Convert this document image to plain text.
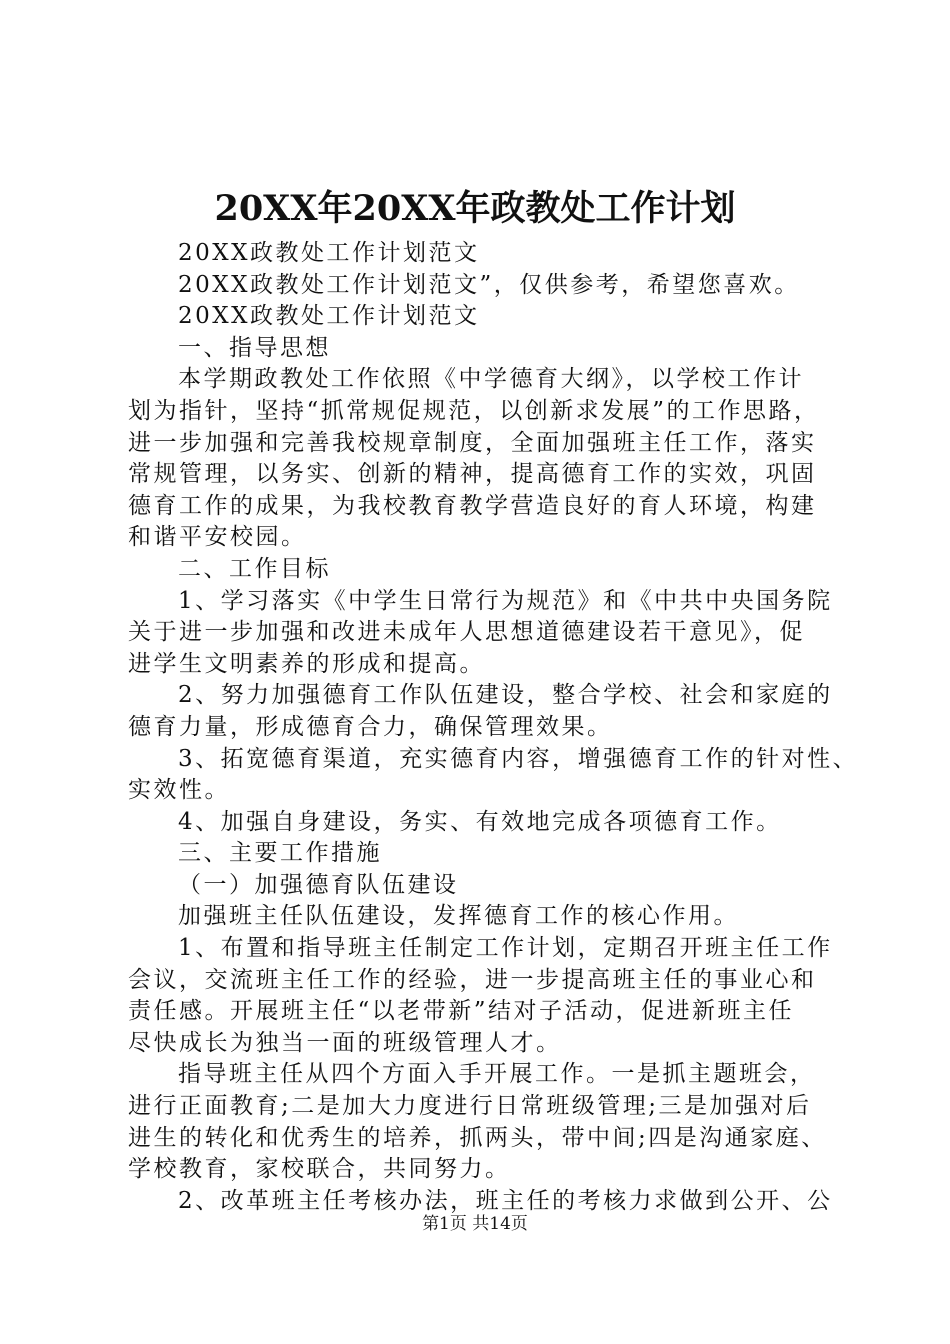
20XX年20XX年政教处工作计划

20XX政教处工作计划范文

20XX政教处工作计划范文”，仅供参考，希望您喜欢。

20XX政教处工作计划范文

一、指导思想

本学期政教处工作依照《中学德育大纲》，以学校工作计

划为指针，坚持“抓常规促规范，以创新求发展”的工作思路，

进一步加强和完善我校规章制度，全面加强班主任工作，落实

常规管理，以务实、创新的精神，提高德育工作的实效，巩固

德育工作的成果，为我校教育教学营造良好的育人环境，构建

和谐平安校园。

二、工作目标

1、学习落实《中学生日常行为规范》和《中共中央国务院

关于进一步加强和改进未成年人思想道德建设若干意见》，促

进学生文明素养的形成和提高。

2、努力加强德育工作队伍建设，整合学校、社会和家庭的

德育力量，形成德育合力，确保管理效果。

3、拓宽德育渠道，充实德育内容，增强德育工作的针对性、

实效性。

4、加强自身建设，务实、有效地完成各项德育工作。

三、主要工作措施

（一）加强德育队伍建设

加强班主任队伍建设，发挥德育工作的核心作用。

1、布置和指导班主任制定工作计划，定期召开班主任工作

会议，交流班主任工作的经验，进一步提高班主任的事业心和

责任感。开展班主任“以老带新”结对子活动，促进新班主任

尽快成长为独当一面的班级管理人才。

指导班主任从四个方面入手开展工作。一是抓主题班会，

进行正面教育;二是加大力度进行日常班级管理;三是加强对后

进生的转化和优秀生的培养，抓两头，带中间;四是沟通家庭、

学校教育，家校联合，共同努力。

2、改革班主任考核办法，班主任的考核力求做到公开、公

第1页 共14页
